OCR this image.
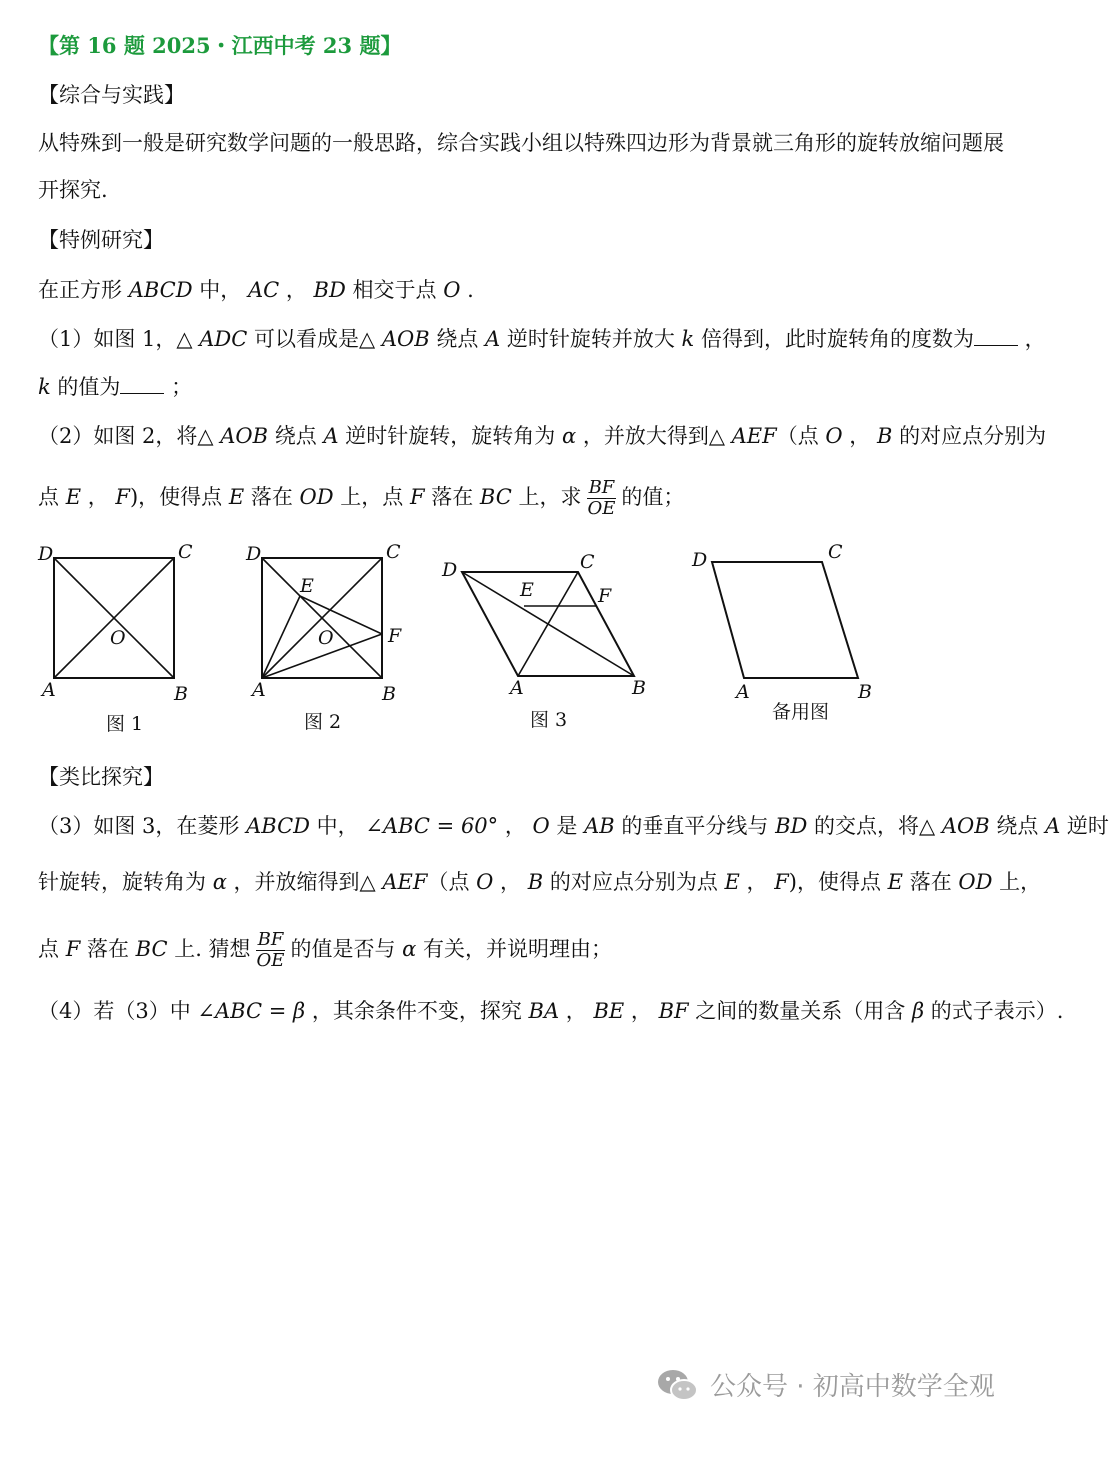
【第 16 题 2025・江西中考 23 题】
【综合与实践】
从特殊到一般是研究数学问题的一般思路，综合实践小组以特殊四边形为背景就三角形的旋转放缩问题展
开探究.
【特例研究】
在正方形 ABCD 中， AC ， BD 相交于点 O .
（1）如图 1，△ ADC 可以看成是△ AOB 绕点 A 逆时针旋转并放大 k 倍得到，此时旋转角的度数为 ，
k 的值为 ；
（2）如图 2，将△ AOB 绕点 A 逆时针旋转，旋转角为 α ，并放大得到△ AEF（点 O ， B 的对应点分别为
点 E ， F)，使得点 E 落在 OD 上，点 F 落在 BC 上，求 $\frac{BF}{OE}$ 的值；
D	C
A	B
O
图 1
D	C
A	B
O
E
F
图 2
D	C
A	B
E	F
图 3
D	C
A	B
备用图
【类比探究】
（3）如图 3，在菱形 ABCD 中， ∠ABC = 60° ， O 是 AB 的垂直平分线与 BD 的交点，将△ AOB 绕点 A 逆时
针旋转，旋转角为 α ，并放缩得到△ AEF（点 O ， B 的对应点分别为点 E ， F)，使得点 E 落在 OD 上，
点 F 落在 BC 上. 猜想 $\frac{BF}{OE}$ 的值是否与 α 有关，并说明理由；
（4）若（3）中 ∠ABC = β ，其余条件不变，探究 BA ， BE ， BF 之间的数量关系（用含 β 的式子表示）.
公众号 · 初高中数学全观
